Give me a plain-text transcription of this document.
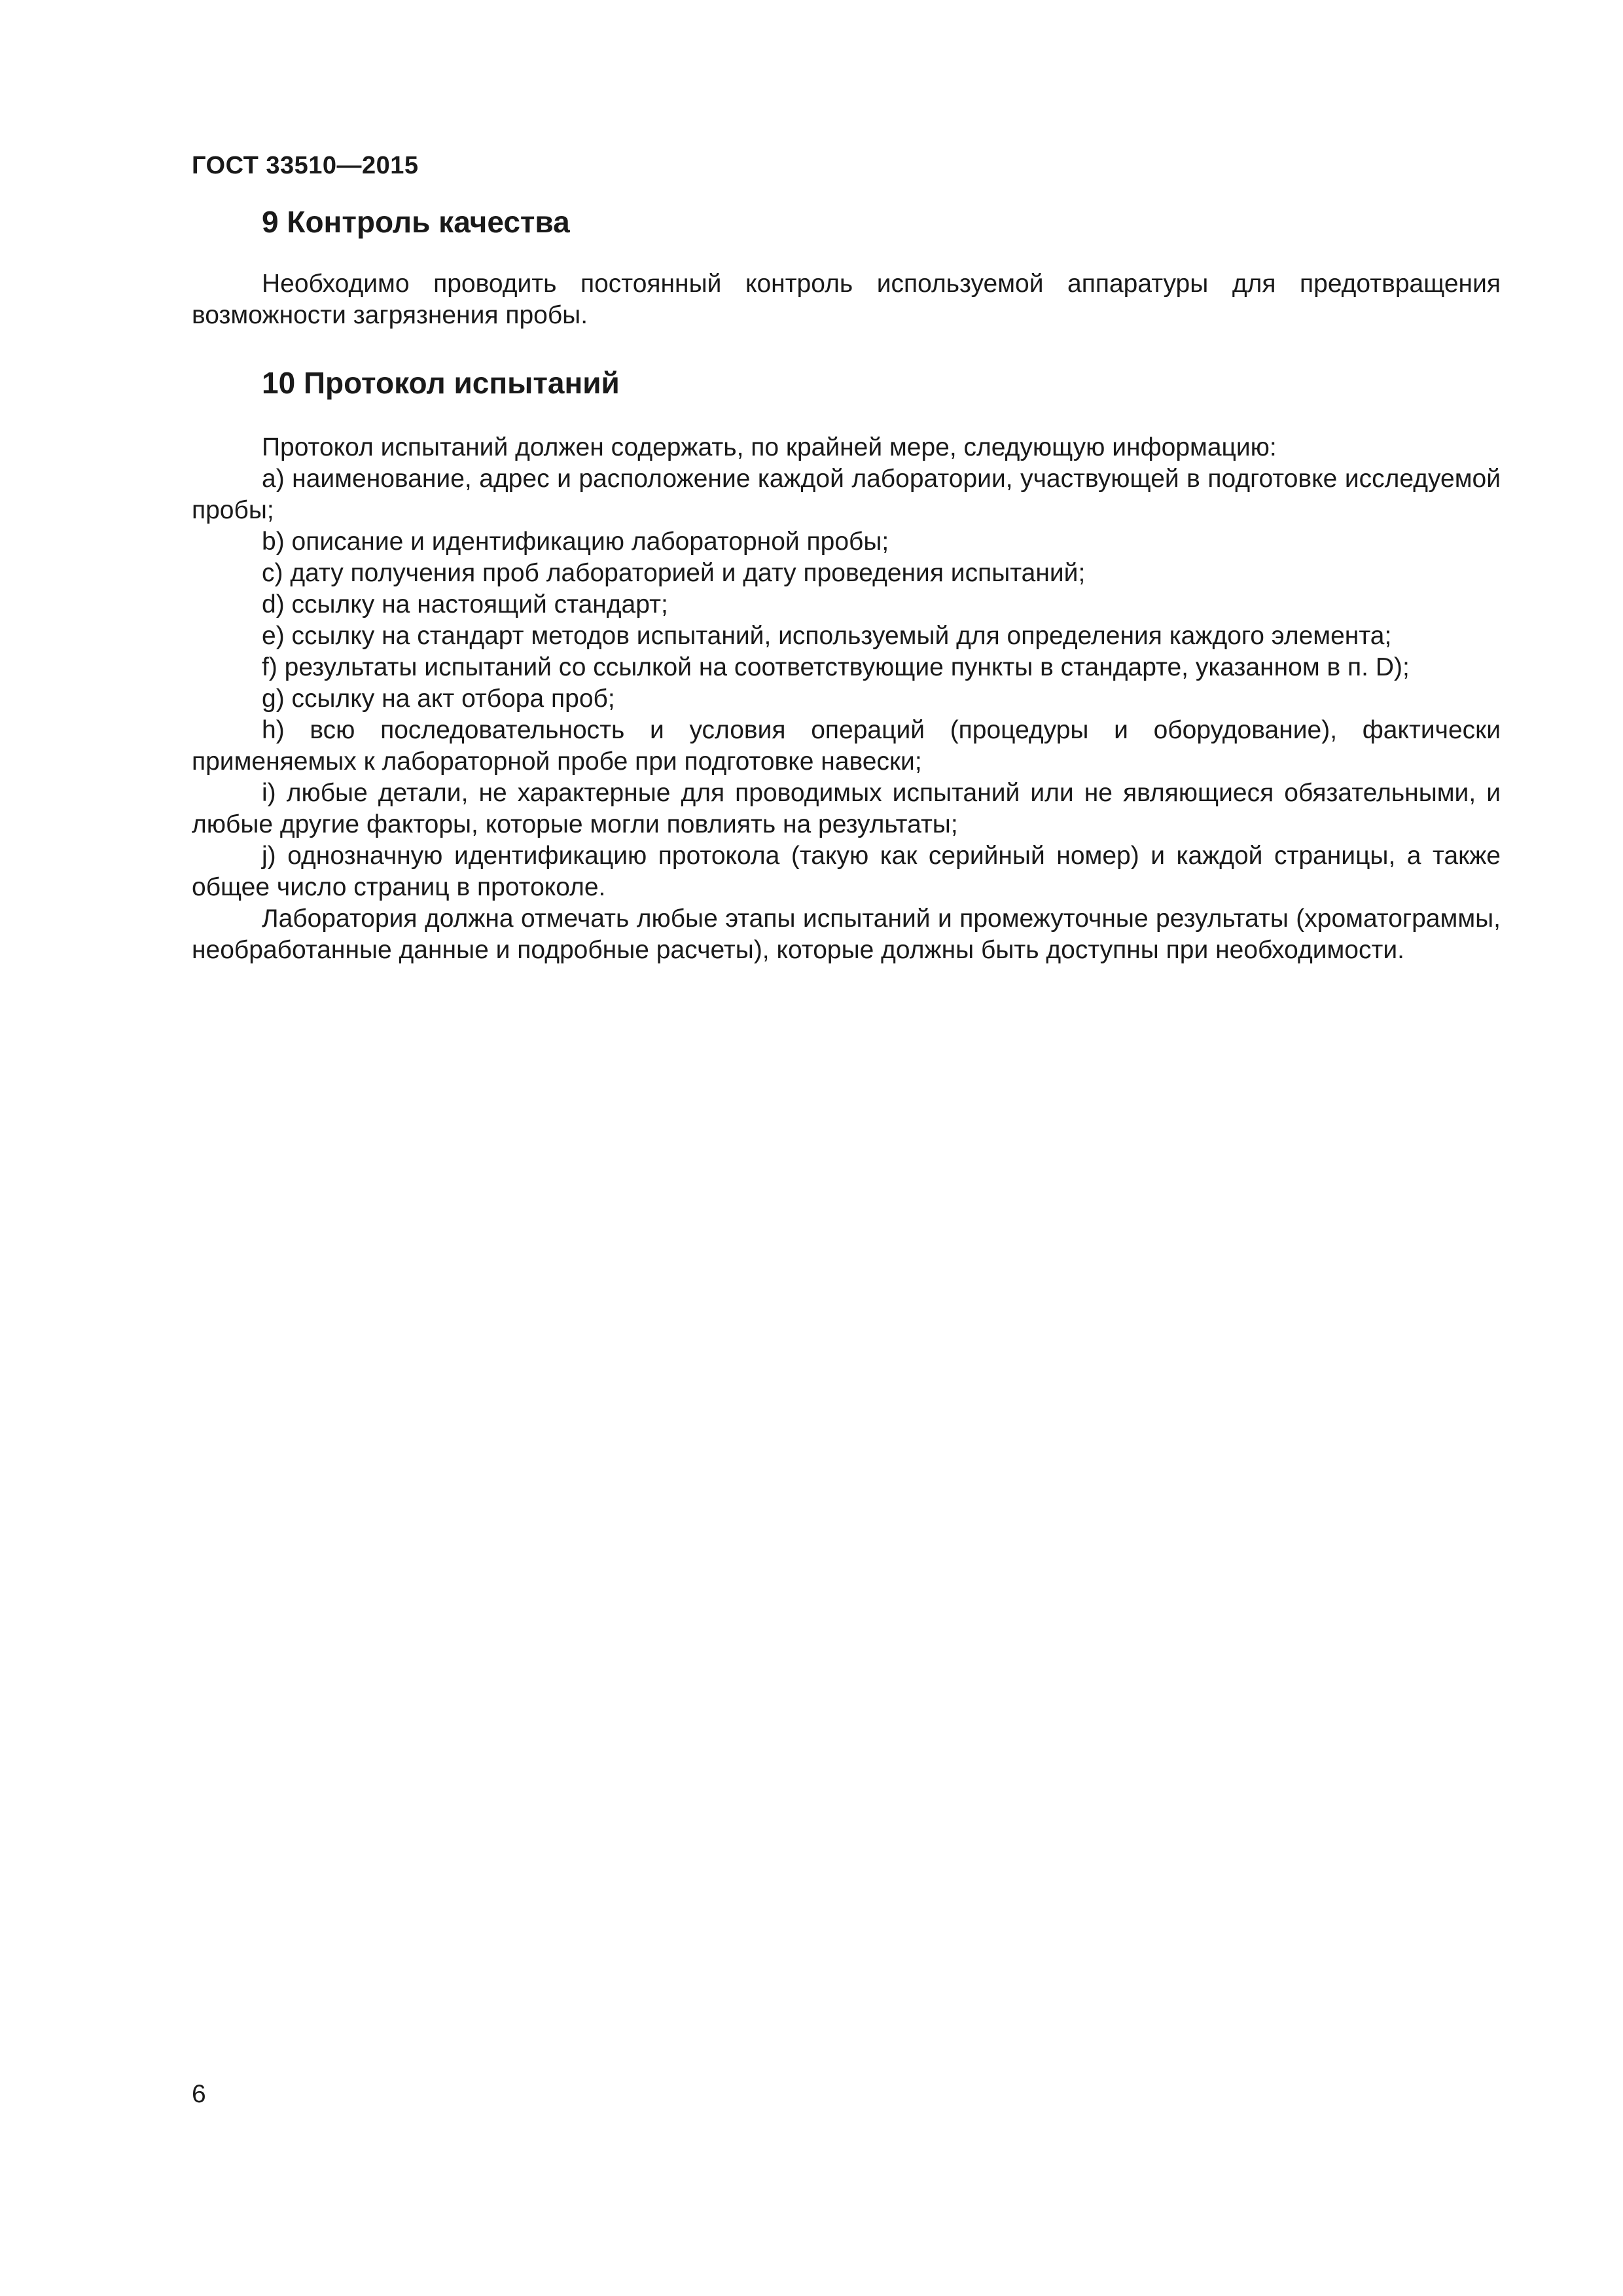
ГОСТ 33510—2015
9 Контроль качества

Необходимо проводить постоянный контроль используемой аппаратуры для предотвращения возможности загрязнения пробы.

10 Протокол испытаний

Протокол испытаний должен содержать, по крайней мере, следующую информацию:

а) наименование, адрес и расположение каждой лаборатории, участвующей в подготовке исследуемой пробы;

b) описание и идентификацию лабораторной пробы;

c) дату получения проб лабораторией и дату проведения испытаний;

d) ссылку на настоящий стандарт;

e) ссылку на стандарт методов испытаний, используемый для определения каждого элемента;

f) результаты испытаний со ссылкой на соответствующие пункты в стандарте, указанном в п. D);

g) ссылку на акт отбора проб;

h) всю последовательность и условия операций (процедуры и оборудование), фактически применяемых к лабораторной пробе при подготовке навески;

i) любые детали, не характерные для проводимых испытаний или не являющиеся обязательными, и любые другие факторы, которые могли повлиять на результаты;

j) однозначную идентификацию протокола (такую как серийный номер) и каждой страницы, а также общее число страниц в протоколе.

Лаборатория должна отмечать любые этапы испытаний и промежуточные результаты (хроматограммы, необработанные данные и подробные расчеты), которые должны быть доступны при необходимости.

6
